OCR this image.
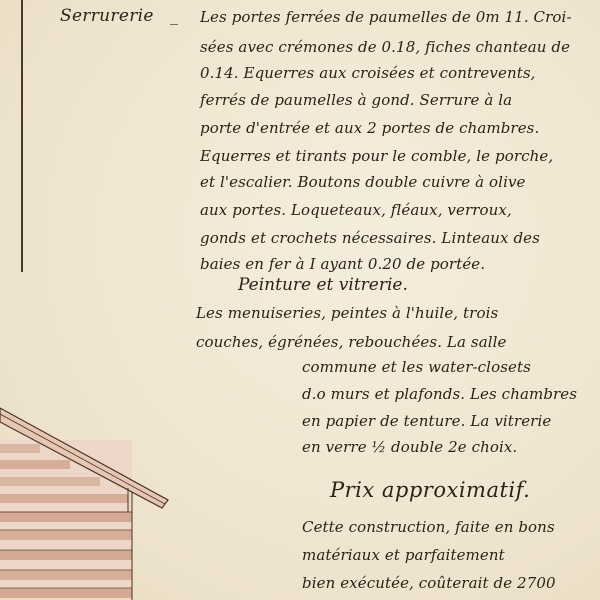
Serrurerie _ Les portes ferrées de paumelles de 0m 11. Croi-
sées avec crémones de 0.18, fiches chanteau de
0.14. Equerres aux croisées et contrevents,
ferrés de paumelles à gond. Serrure à la
porte d'entrée et aux 2 portes de chambres.
Equerres et tirants pour le comble, le porche,
et l'escalier. Boutons double cuivre à olive
aux portes. Loqueteaux, fléaux, verroux,
gonds et crochets nécessaires. Linteaux des
baies en fer à I ayant 0.20 de portée.
Peinture et vitrerie.
Les menuiseries, peintes à l'huile, trois
couches, égrénées, rebouchées. La salle
commune et les water-closets
d.o murs et plafonds. Les chambres
en papier de tenture. La vitrerie
en verre ½ double 2e choix.
Prix approximatif.
Cette construction, faite en bons
matériaux et parfaitement
bien exécutée, coûterait de 2700
